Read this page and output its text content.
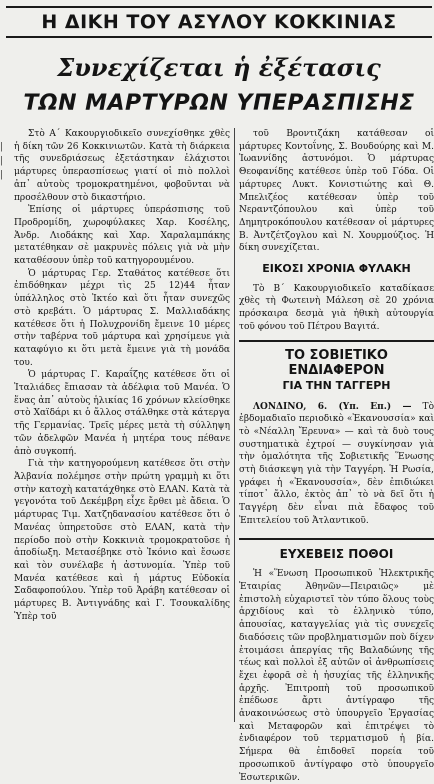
Η ΔΙΚΗ ΤΟΥ ΑΣΥΛΟΥ ΚΟΚΚΙΝΙΑΣ
Συνεχίζεται ἡ ἐξέτασις
ΤΩΝ ΜΑΡΤΥΡΩΝ ΥΠΕΡΑΣΠΙΣΗΣ
|
|
|

Στὸ Α΄ Κακουργιοδικεῖο συνεχίσθηκε χθὲς ἡ δίκη τῶν 26 Κοκκινιωτῶν. Κατὰ τὴ διάρκεια τῆς συνεδριάσεως ἐξετάστηκαν ἐλάχιστοι μάρτυρες ὑπερασπίσεως γιατί οἱ πιὸ πολλοὶ ἀπ᾿ αὐτοὺς τρομοκρατημένοι, φοβοῦνται νὰ προσέλθουν στὸ δικαστήριο.

Ἐπίσης οἱ μάρτυρες ὑπεράσπισης τοῦ Προδρομίδη, χωροφύλακες Χαρ. Κοσέλης, Ἀνδρ. Λιοδάκης καὶ Χαρ. Χαραλαμπάκης μετατέθηκαν σὲ μακρυνὲς πόλεις γιὰ νὰ μὴν καταθέσουν ὑπὲρ τοῦ κατηγορουμένου.

Ὁ μάρτυρας Γερ. Σταθάτος κατέθεσε ὅτι ἐπιδόθηκαν μέχρι τὶς 25 12)44 ἦταν ὑπάλληλος στὸ Ἰκτέο καὶ ὅτι ἦταν συνεχῶς στὸ κρεβάτι. Ὁ μάρτυρας Σ. Μαλλιαδάκης κατέθεσε ὅτι ἡ Πολυχρονίδη ἔμεινε 10 μέρες στὴν ταβέρνα τοῦ μάρτυρα καὶ χρησίμευε γιὰ καταφύγιο κι ὅτι μετὰ ἔμεινε γιὰ τὴ μονάδα του.

Ὁ μάρτυρας Γ. Καραΐζης κατέθεσε ὅτι οἱ Ἰταλιάδες ἔπιασαν τὰ ἀδέλφια τοῦ Μανέα. Ὁ ἕνας ἀπ᾿ αὐτοὺς ἡλικίας 16 χρόνων κλείσθηκε στὸ Χαϊδάρι κι ὁ ἄλλος στάλθηκε στὰ κάτεργα τῆς Γερμανίας. Τρεῖς μέρες μετὰ τὴ σύλληψη τῶν ἀδελφῶν Μανέα ἡ μητέρα τους πέθανε ἀπὸ συγκοπή.

Γιὰ τὴν κατηγορούμενη κατέθεσε ὅτι στὴν Ἀλβανία πολέμησε στὴν πρώτη γραμμὴ κι ὅτι στὴν κατοχὴ κατατάχθηκε στὸ ΕΛΑΝ. Κατὰ τὰ γεγονότα τοῦ Δεκέμβρη εἶχε ἔρθει μὲ ἄδεια. Ὁ μάρτυρας Τιμ. Χατζηδανασίου κατέθεσε ὅτι ὁ Μανέας ὑπηρετοῦσε στὸ ΕΛΑΝ, κατὰ τὴν περίοδο ποὺ στὴν Κοκκινιὰ τρομοκρατοῦσε ἡ ἀποδίωξη. Μετασέβηκε στὸ Ἰκόνιο καὶ ἔσωσε καὶ τὸν συνέλαβε ἡ ἀστυνομία. Ὑπὲρ τοῦ Μανέα κατέθεσε καὶ ἡ μάρτυς Εὐδοκία Σαδαφοπούλου. Ὑπὲρ τοῦ Ἀράβη κατέθεσαν οἱ μάρτυρες Β. Ἀντιγνάδης καὶ Γ. Τσουκαλίδης Ὑπὲρ τοῦ

τοῦ Βροντιζάκη κατάθεσαν οἱ μάρτυρες Κοντοΐνης, Σ. Βουδούρης καὶ Μ. Ἰωαννίδης ἀστυνόμοι. Ὁ μάρτυρας Θεοφανίδης κατέθεσε ὑπὲρ τοῦ Γόδα. Οἱ μάρτυρες Λυκτ. Κονιστιώτης καὶ Θ. Μπελιζέος κατέθεσαν ὑπὲρ τοῦ Νεραντζόπουλου καὶ ὑπὲρ τοῦ Δημητροκόπουλου κατέθεσαν οἱ μάρτυρες Β. Ἀντζέτζογλου καὶ Ν. Χουρμούζιος. Ἡ δίκη συνεχίζεται.

ΕΙΚΟΣΙ ΧΡΟΝΙΑ ΦΥΛΑΚΗ

Τὸ Β΄ Κακουργιοδικεῖο καταδίκασε χθὲς τὴ Φωτεινὴ Μάλεση σὲ 20 χρόνια πρόσκαιρα δεσμὰ γιὰ ἠθικὴ αὐτουργία τοῦ φόνου τοῦ Πέτρου Βαγιτά.

ΤΟ ΣΟΒΙΕΤΙΚΟ ΕΝΔΙΑΦΕΡΟΝ

ΓΙΑ ΤΗΝ ΤΑΓΓΕΡΗ

ΛΟΝΔΙΝΟ, 6. (Υπ. Επ.) — Τὸ ἑβδομαδιαῖο περιοδικὸ «Ἐκανουσσία» καὶ τὸ «Νέαλλη Ἔρευνα» — καὶ τὰ δυὸ τους συστηματικὰ ἐχτροί — συγκίνησαν γιὰ τὴν ὁμαλότητα τῆς Σοβιετικῆς Ἕνωσης στὴ διάσκεψη γιὰ τὴν Ταγγέρη. Ἡ Ρωσία, γράφει ἡ «Ἐκανουσσία», δὲν ἐπιδιώκει τίποτ᾿ ἄλλο, ἐκτὸς ἀπ᾿ τὸ νὰ δεῖ ὅτι ἡ Ταγγέρη δὲν εἶναι πιὰ ἔδαφος τοῦ Ἐπιτελείου τοῦ Ἀτλαντικοῦ.

ΕΥΧΕΒΕΙΣ ΠΟΘΟΙ

Ἡ «Ἕνωση Προσωπικοῦ Ἠλεκτρικῆς Ἑταιρίας Ἀθηνῶν—Πειραιῶς» μὲ ἐπιστολὴ εὐχαριστεῖ τὸν τύπο ὅλους τοὺς ἀρχιδίους καὶ τὸ ἑλληνικὸ τύπο, ἀπουσίας, καταγγελίας γιὰ τὶς συνεχεῖς διαδόσεις τῶν προβληματισμῶν ποὺ δίχεν ἑτοιμάσει ἀπεργίας τῆς Βαλαδώνης τῆς τέως καὶ πολλοὶ ἐξ αὐτῶν οἱ ἀνθρωπίσεις ἔχει ἐφορᾶ σὲ ἡ ἡσυχίας τῆς ἑλληνικῆς ἀρχῆς. Ἐπιτροπὴ τοῦ προσωπικοῦ ἐπέδωσε ἄρτι ἀντίγραφο τῆς ἀνακοινώσεως στὸ ὑπουργεῖο Ἐργασίας καὶ Μεταφορῶν καὶ ἐπιτρέψει τὸ ἐνδιαφέρον τοῦ τερματισμοῦ ἡ βία. Σήμερα θὰ ἐπιδοθεῖ πορεία τοῦ προσωπικοῦ ἀντίγραφο στὸ ὑπουργεῖο Ἐσωτερικῶν.
